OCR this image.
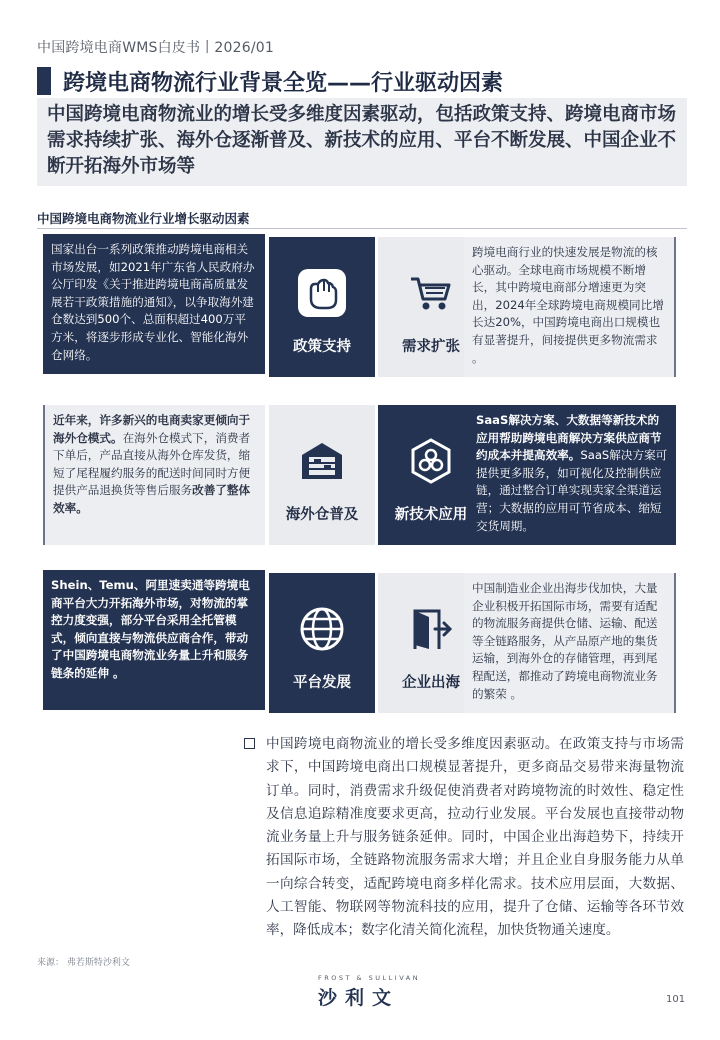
中国跨境电商WMS白皮书丨2026/01
跨境电商物流行业背景全览——行业驱动因素
中国跨境电商物流业的增长受多维度因素驱动，包括政策支持、跨境电商市场需求持续扩张、海外仓逐渐普及、新技术的应用、平台不断发展、中国企业不断开拓海外市场等
中国跨境电商物流业行业增长驱动因素
国家出台一系列政策推动跨境电商相关市场发展，如2021年广东省人民政府办公厅印发《关于推进跨境电商高质量发展若干政策措施的通知》，以争取海外建仓数达到500个、总面积超过400万平方米，将逐步形成专业化、智能化海外仓网络。	政策支持	需求扩张
跨境电商行业的快速发展是物流的核心驱动。全球电商市场规模不断增长，其中跨境电商部分增速更为突出，2024年全球跨境电商规模同比增长达20%，中国跨境电商出口规模也有显著提升，间接提供更多物流需求 。
近年来，许多新兴的电商卖家更倾向于海外仓模式。在海外仓模式下，消费者下单后，产品直接从海外仓库发货，缩短了尾程履约服务的配送时间同时方便提供产品退换货等售后服务改善了整体效率。	海外仓普及	新技术应用
SaaS解决方案、大数据等新技术的应用帮助跨境电商解决方案供应商节约成本并提高效率。SaaS解决方案可提供更多服务，如可视化及控制供应链，通过整合订单实现卖家全渠道运营；大数据的应用可节省成本、缩短交货周期。
Shein、Temu、阿里速卖通等跨境电商平台大力开拓海外市场，对物流的掌控力度变强，部分平台采用全托管模式，倾向直接与物流供应商合作，带动了中国跨境电商物流业务量上升和服务链条的延伸 。
平台发展	企业出海
中国制造业企业出海步伐加快，大量企业积极开拓国际市场，需要有适配的物流服务商提供仓储、运输、配送等全链路服务，从产品原产地的集货运输，到海外仓的存储管理，再到尾程配送，都推动了跨境电商物流业务的繁荣 。
中国跨境电商物流业的增长受多维度因素驱动。在政策支持与市场需求下，中国跨境电商出口规模显著提升，更多商品交易带来海量物流订单。同时，消费需求升级促使消费者对跨境物流的时效性、稳定性及信息追踪精准度要求更高，拉动行业发展。平台发展也直接带动物流业务量上升与服务链条延伸。同时，中国企业出海趋势下，持续开拓国际市场，全链路物流服务需求大增；并且企业自身服务能力从单一向综合转变，适配跨境电商多样化需求。技术应用层面，大数据、人工智能、物联网等物流科技的应用，提升了仓储、运输等各环节效率，降低成本；数字化清关简化流程，加快货物通关速度。
来源： 弗若斯特沙利文
FROST & SULLIVAN
沙利文	101
